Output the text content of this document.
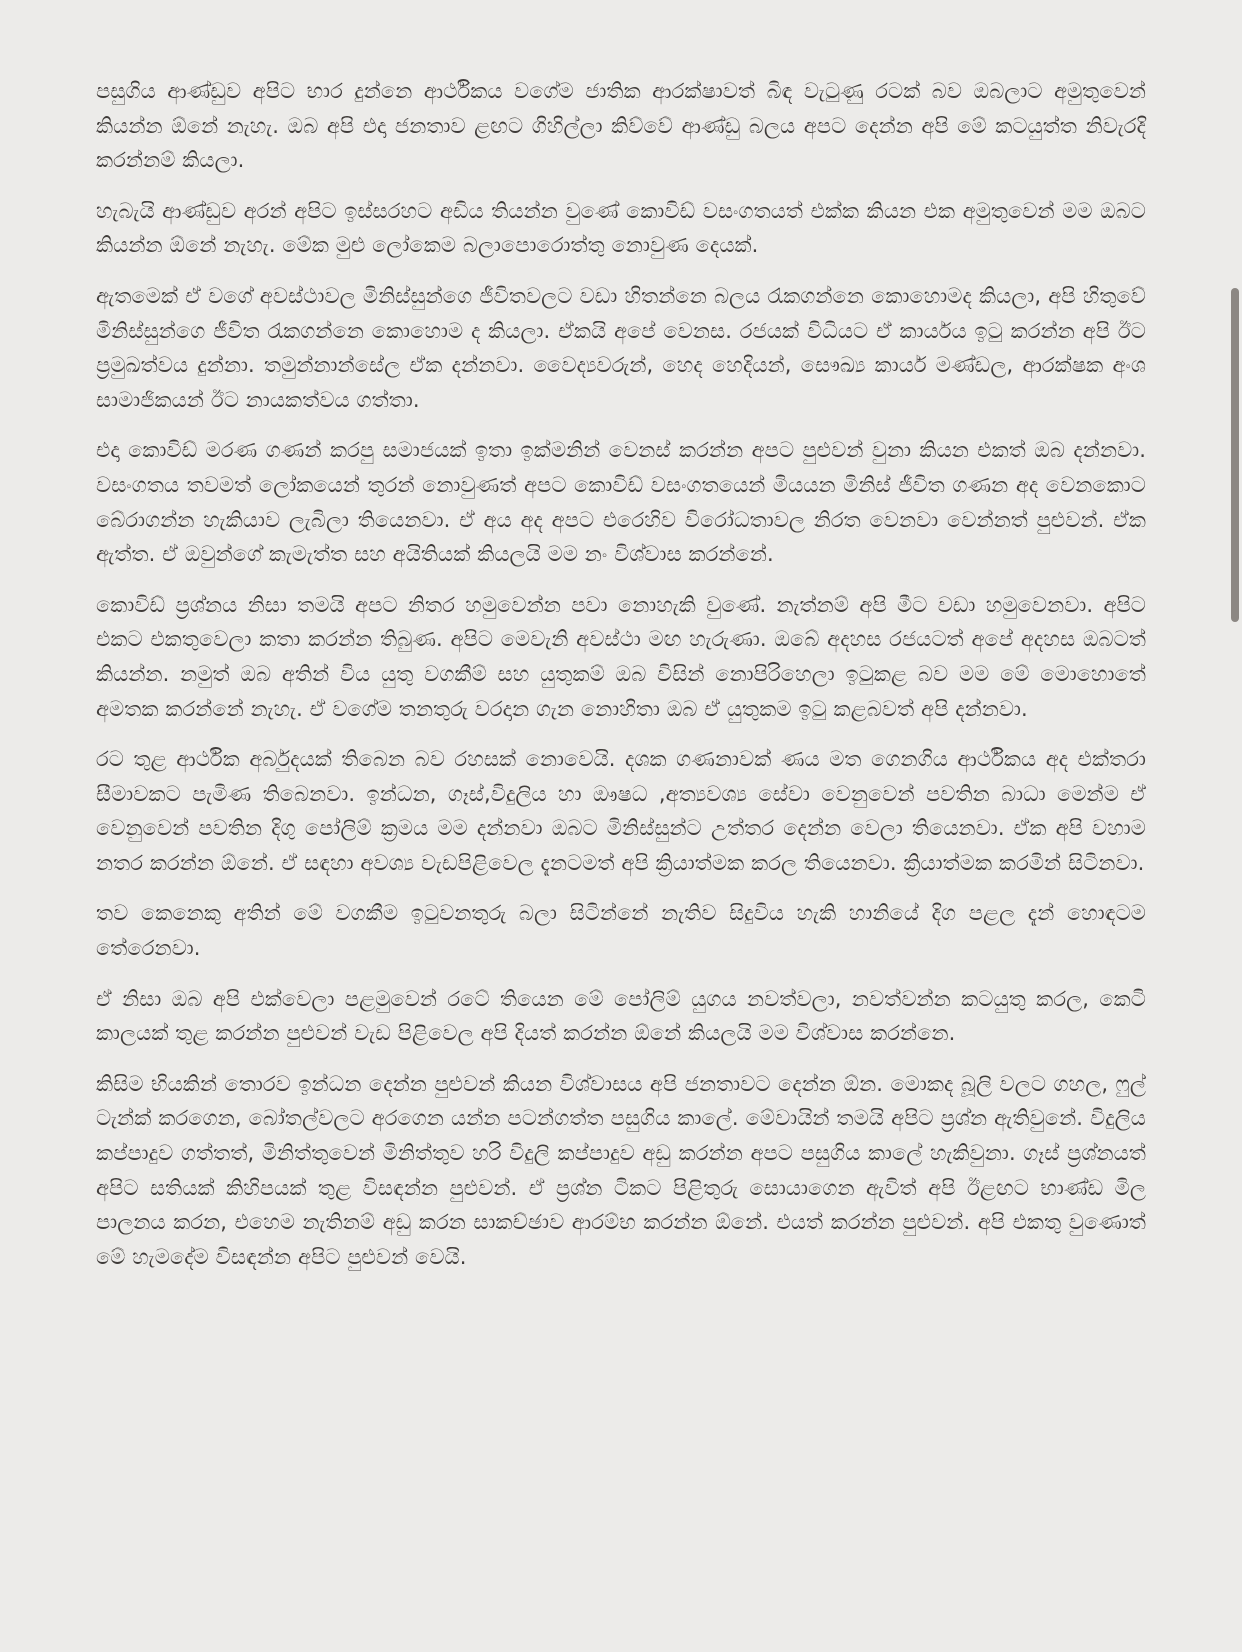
පසුගිය ආණ්ඩුව අපිට භාර දුන්නෙ ආර්ථිකය වගේම ජාතික ආරක්ෂාවත් බිඳ වැටුණු රටක් බව ඔබලාට අමුතුවෙන් කියන්න ඕනේ නැහැ. ඔබ අපි එදා ජනතාව ළඟට ගිහිල්ලා කිව්වේ ආණ්ඩු බලය අපට දෙන්න අපි මේ කටයුත්ත නිවැරදි කරන්නම් කියලා.

හැබැයි ආණ්ඩුව අරන් අපිට ඉස්සරහට අඩිය තියන්න වුණේ කොවිඩ් වසංගතයත් එක්ක කියන එක අමුතුවෙන් මම ඔබට කියන්න ඕනේ නැහැ. මේක මුළු ලෝකෙම බලාපොරොත්තු නොවුණ දෙයක්.

ඇතමෙක් ඒ වගේ අවස්ථාවල මිනිස්සුන්ගෙ ජීවිතවලට වඩා හිතන්නෙ බලය රැකගන්නෙ කොහොමද කියලා, අපි හිතුවේ මිනිස්සුන්ගෙ ජීවිත රැකගන්නෙ කොහොම ද කියලා. ඒකයි අපේ වෙනස. රජයක් විධියට ඒ කාර්යය ඉටු කරන්න අපි ඊට ප්‍රමුඛත්වය දුන්නා. තමුන්නාන්සේල ඒක දන්නවා. වෛද්‍යවරුන්, හෙද හෙදියන්, සෞඛ්‍ය කාර්ය මණ්ඩල, ආරක්ෂක අංශ සාමාජිකයන් ඊට නායකත්වය ගත්තා.

එදා කොවිඩ් මරණ ගණන් කරපු සමාජයක් ඉතා ඉක්මනින් වෙනස් කරන්න අපට පුළුවන් වුනා කියන එකත් ඔබ දන්නවා. වසංගතය තවමත් ලෝකයෙන් තුරන් නොවුණත් අපට කොවිඩ් වසංගතයෙන් මියයන මිනිස් ජීවිත ගණන අද වෙනකොට බේරාගන්න හැකියාව ලැබිලා තියෙනවා. ඒ අය අද අපට එරෙහිව විරෝධතාවල නිරත වෙනවා වෙන්නත් පුළුවන්. ඒක ඇත්ත. ඒ ඔවුන්ගේ කැමැත්ත සහ අයිතියක් කියලයි මම නං විශ්වාස කරන්නේ.

කොවිඩ් ප්‍රශ්නය නිසා තමයි අපට නිතර හමුවෙන්න පවා නොහැකි වුණේ. නැත්නම් අපි මීට වඩා හමුවෙනවා. අපිට එකට එකතුවෙලා කතා කරන්න තිබුණ. අපිට මෙවැනි අවස්ථා මඟ හැරුණා. ඔබේ අදහස රජයටත් අපේ අදහස ඔබටත් කියන්න. නමුත් ඔබ අතින් විය යුතු වගකීම් සහ යුතුකම් ඔබ විසින් නොපිරිහෙලා ඉටුකළ බව මම මේ මොහොතේ අමතක කරන්නේ නැහැ. ඒ වගේම තනතුරු වරදාන ගැන නොහිතා ඔබ ඒ යුතුකම ඉටු කළබවත් අපි දන්නවා.

රට තුළ ආර්ථික අර්බුදයක් තිබෙන බව රහසක් නොවෙයි. දශක ගණනාවක් ණය මත ගෙනගිය ආර්ථිකය අද එක්තරා සීමාවකට පැමිණ තිබෙනවා. ඉන්ධන, ගෑස්,විදුලිය හා ඖෂධ ,අත්‍යවශ්‍ය සේවා වෙනුවෙන් පවතින බාධා මෙන්ම ඒ වෙනුවෙන් පවතින දිගු පෝලිම් ක්‍රමය මම දන්නවා ඔබට මිනිස්සුන්ට උත්තර දෙන්න වෙලා තියෙනවා. ඒක අපි වහාම නතර කරන්න ඕනේ. ඒ සඳහා අවශ්‍ය වැඩපිළිවෙල දැනටමත් අපි ක්‍රියාත්මක කරල තියෙනවා. ක්‍රියාත්මක කරමින් සිටිනවා.

තව කෙනෙකු අතින් මේ වගකීම ඉටුවනතුරු බලා සිටින්නේ නැතිව සිදුවිය හැකි හානියේ දිග පළල දැන් හොඳටම තේරෙනවා.

ඒ නිසා ඔබ අපි එක්වෙලා පළමුවෙන් රටේ තියෙන මේ පෝලිම් යුගය නවත්වලා, නවත්වන්න කටයුතු කරල, කෙටි කාලයක් තුළ කරන්න පුළුවන් වැඩ පිළිවෙල අපි දියත් කරන්න ඕනේ කියලයි මම විශ්වාස කරන්නෙ.

කිසිම භියකින් තොරව ඉන්ධන දෙන්න පුළුවන් කියන විශ්වාසය අපි ජනතාවට දෙන්න ඕන. මොකද බූලි වලට ගහල, ෆුල් ටැන්ක් කරගෙන, බෝතල්වලට අරගෙන යන්න පටන්ගත්ත පසුගිය කාලේ. මේවායින් තමයි අපිට ප්‍රශ්න ඇතිවුනේ. විදුලිය කප්පාදුව ගත්තත්, මිනිත්තුවෙන් මිනිත්තුව හරි විදුලි කප්පාදුව අඩු කරන්න අපට පසුගිය කාලේ හැකිවුනා. ගෑස් ප්‍රශ්නයත් අපිට සතියක් කිහිපයක් තුළ විසඳන්න පුළුවන්. ඒ ප්‍රශ්න ටිකට පිළිතුරු සොයාගෙන ඇවිත් අපි ඊළඟට භාණ්ඩ මිල පාලනය කරන, එහෙම නැතිනම් අඩු කරන සාකච්ඡාව ආරම්භ කරන්න ඕනේ. එයත් කරන්න පුළුවන්. අපි එකතු වුණොත් මේ හැමදේම විසඳන්න අපිට පුළුවන් වෙයි.
